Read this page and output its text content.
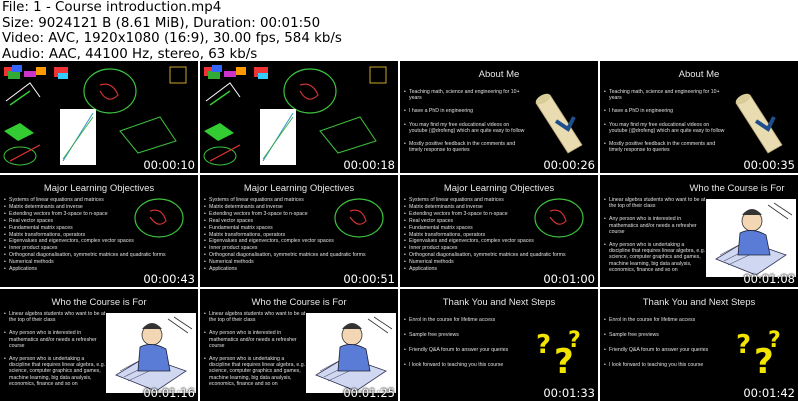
File: 1 - Course introduction.mp4
Size: 9024121 B (8.61 MiB), Duration: 00:01:50
Video: AVC, 1920x1080 (16:9), 30.00 fps, 584 kb/s
Audio: AAC, 44100 Hz, stereo, 63 kb/s
00:00:10	00:00:18
About Me
• Teaching math, science and engineering for 10+ years
• I have a PhD in engineering
• You may find my free educational videos on youtube (@drofeng) which are quite easy to follow
• Mostly positive feedback in the comments and timely response to queries
00:00:26
About Me
• Teaching math, science and engineering for 10+ years
• I have a PhD in engineering
• You may find my free educational videos on youtube (@drofeng) which are quite easy to follow
• Mostly positive feedback in the comments and timely response to queries
00:00:35
Major Learning Objectives
• Systems of linear equations and matrices
• Matrix determinants and inverse
• Extending vectors from 3-space to n-space
• Real vector spaces
• Fundamental matrix spaces
• Matrix transformations, operators
• Eigenvalues and eigenvectors, complex vector spaces
• Inner product spaces
• Orthogonal diagonalisation, symmetric matrices and quadratic forms
• Numerical methods
• Applications
00:00:43
Major Learning Objectives
• Systems of linear equations and matrices
• Matrix determinants and inverse
• Extending vectors from 3-space to n-space
• Real vector spaces
• Fundamental matrix spaces
• Matrix transformations, operators
• Eigenvalues and eigenvectors, complex vector spaces
• Inner product spaces
• Orthogonal diagonalisation, symmetric matrices and quadratic forms
• Numerical methods
• Applications
00:00:51
Major Learning Objectives
• Systems of linear equations and matrices
• Matrix determinants and inverse
• Extending vectors from 3-space to n-space
• Real vector spaces
• Fundamental matrix spaces
• Matrix transformations, operators
• Eigenvalues and eigenvectors, complex vector spaces
• Inner product spaces
• Orthogonal diagonalisation, symmetric matrices and quadratic forms
• Numerical methods
• Applications
00:01:00
Who the Course is For
• Linear algebra students who want to be at the top of their class
• Any person who is interested in mathematics and/or needs a refresher course
• Any person who is undertaking a discipline that requires linear algebra, e.g. science, computer graphics and games, machine learning, big data analysis, economics, finance and so on
00:01:08
Who the Course is For
• Linear algebra students who want to be at the top of their class
• Any person who is interested in mathematics and/or needs a refresher course
• Any person who is undertaking a discipline that requires linear algebra, e.g. science, computer graphics and games, machine learning, big data analysis, economics, finance and so on
00:01:16
Who the Course is For
• Linear algebra students who want to be at the top of their class
• Any person who is interested in mathematics and/or needs a refresher course
• Any person who is undertaking a discipline that requires linear algebra, e.g. science, computer graphics and games, machine learning, big data analysis, economics, finance and so on
00:01:25
Thank You and Next Steps
• Enrol in the course for lifetime access
• Sample free previews
• Friendly Q&A forum to answer your queries
• I look forward to teaching you this course
? ?
?
00:01:33
Thank You and Next Steps
• Enrol in the course for lifetime access
• Sample free previews
• Friendly Q&A forum to answer your queries
• I look forward to teaching you this course
? ?
?
00:01:42
